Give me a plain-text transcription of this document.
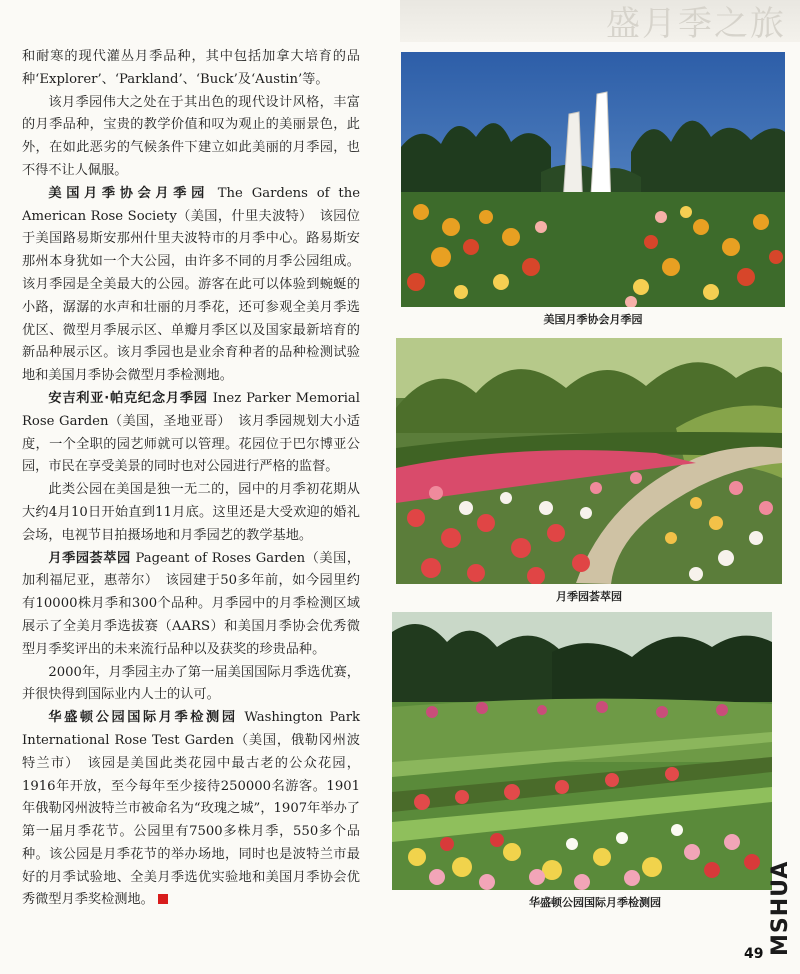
盛月季之旅

和耐寒的现代灌丛月季品种，其中包括加拿大培育的品种‘Explorer’、‘Parkland’、‘Buck’及‘Austin’等。

该月季园伟大之处在于其出色的现代设计风格，丰富的月季品种，宝贵的教学价值和叹为观止的美丽景色，此外，在如此恶劣的气候条件下建立如此美丽的月季园，也不得不让人佩服。

美国月季协会月季园 The Gardens of the American Rose Society（美国，什里夫波特）　该园位于美国路易斯安那州什里夫波特市的月季中心。路易斯安那州本身犹如一个大公园，由许多不同的月季公园组成。该月季园是全美最大的公园。游客在此可以体验到蜿蜒的小路，潺潺的水声和壮丽的月季花，还可参观全美月季选优区、微型月季展示区、单瓣月季区以及国家最新培育的新品种展示区。该月季园也是业余育种者的品种检测试验地和美国月季协会微型月季检测地。

安吉利亚·帕克纪念月季园 Inez Parker Memorial Rose Garden（美国，圣地亚哥）　该月季园规划大小适度，一个全职的园艺师就可以管理。花园位于巴尔博亚公园，市民在享受美景的同时也对公园进行严格的监督。

此类公园在美国是独一无二的，园中的月季初花期从大约4月10日开始直到11月底。这里还是大受欢迎的婚礼会场，电视节目拍摄场地和月季园艺的教学基地。

月季园荟萃园 Pageant of Roses Garden（美国，加利福尼亚，惠蒂尔）　该园建于50多年前，如今园里约有10000株月季和300个品种。月季园中的月季检测区域展示了全美月季选拔赛（AARS）和美国月季协会优秀微型月季奖评出的未来流行品种以及获奖的珍贵品种。

2000年，月季园主办了第一届美国国际月季选优赛，并很快得到国际业内人士的认可。

华盛顿公园国际月季检测园 Washington Park International Rose Test Garden（美国，俄勒冈州波特兰市）　该园是美国此类花园中最古老的公众花园，1916年开放，至今每年至少接待250000名游客。1901年俄勒冈州波特兰市被命名为“玫瑰之城”，1907年举办了第一届月季花节。公园里有7500多株月季，550多个品种。该公园是月季花节的举办场地，同时也是波特兰市最好的月季试验地、全美月季选优实验地和美国月季协会优秀微型月季奖检测地。

美国月季协会月季园
月季园荟萃园
华盛顿公园国际月季检测园	MSHUA
49
